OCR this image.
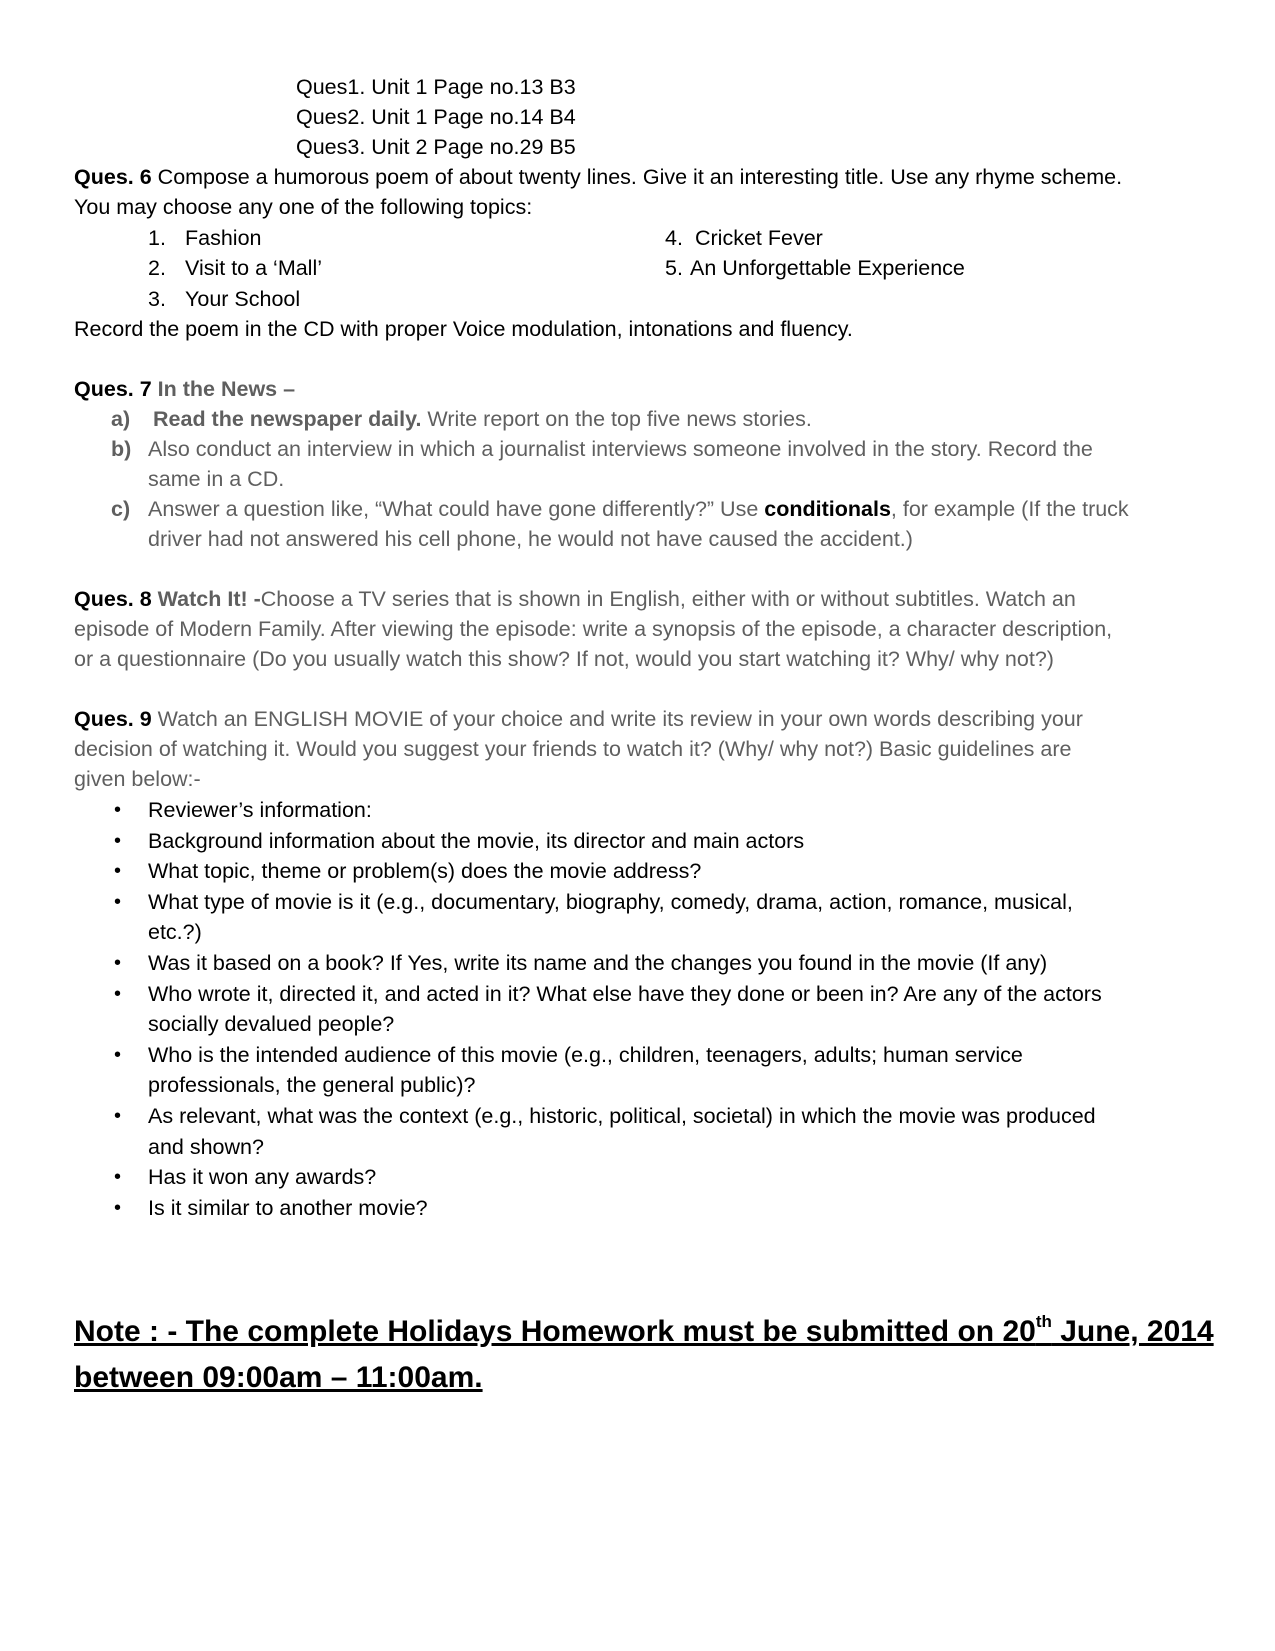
Ques1. Unit 1 Page no.13 B3
Ques2. Unit 1 Page no.14 B4
Ques3. Unit 2 Page no.29 B5
Ques. 6 Compose a humorous poem of about twenty lines. Give it an interesting title. Use any rhyme scheme.
You may choose any one of the following topics:
1. Fashion
2. Visit to a ‘Mall’
3. Your School
4. Cricket Fever
5. An Unforgettable Experience
Record the poem in the CD with proper Voice modulation, intonations and fluency.
Ques. 7 In the News –
a) Read the newspaper daily. Write report on the top five news stories.
b) Also conduct an interview in which a journalist interviews someone involved in the story. Record the
same in a CD.
c) Answer a question like, “What could have gone differently?” Use conditionals, for example (If the truck
driver had not answered his cell phone, he would not have caused the accident.)
Ques. 8 Watch It! -Choose a TV series that is shown in English, either with or without subtitles. Watch an
episode of Modern Family. After viewing the episode: write a synopsis of the episode, a character description,
or a questionnaire (Do you usually watch this show? If not, would you start watching it? Why/ why not?)
Ques. 9 Watch an ENGLISH MOVIE of your choice and write its review in your own words describing your
decision of watching it. Would you suggest your friends to watch it? (Why/ why not?) Basic guidelines are
given below:-
• Reviewer’s information:
• Background information about the movie, its director and main actors
• What topic, theme or problem(s) does the movie address?
• What type of movie is it (e.g., documentary, biography, comedy, drama, action, romance, musical,
etc.?)
• Was it based on a book? If Yes, write its name and the changes you found in the movie (If any)
• Who wrote it, directed it, and acted in it? What else have they done or been in? Are any of the actors
socially devalued people?
• Who is the intended audience of this movie (e.g., children, teenagers, adults; human service
professionals, the general public)?
• As relevant, what was the context (e.g., historic, political, societal) in which the movie was produced
and shown?
• Has it won any awards?
• Is it similar to another movie?
Note : - The complete Holidays Homework must be submitted on 20th June, 2014
between 09:00am – 11:00am.
